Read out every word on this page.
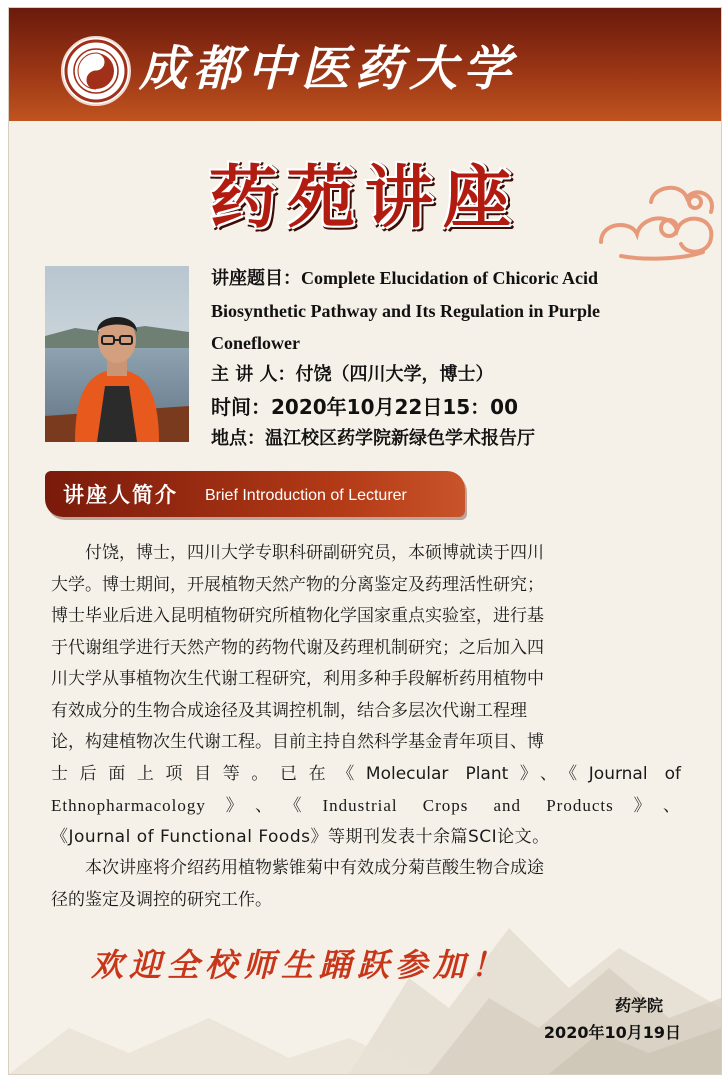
成都中医药大学
药苑讲座
讲座题目：Complete Elucidation of Chicoric Acid
Biosynthetic Pathway and Its Regulation in Purple
Coneflower
主 讲 人：付饶（四川大学，博士）
时间：2020年10月22日15：00
地点：温江校区药学院新绿色学术报告厅
讲座人简介 Brief Introduction of Lecturer
付饶，博士，四川大学专职科研副研究员，本硕博就读于四川
大学。博士期间，开展植物天然产物的分离鉴定及药理活性研究；
博士毕业后进入昆明植物研究所植物化学国家重点实验室，进行基
于代谢组学进行天然产物的药物代谢及药理机制研究；之后加入四
川大学从事植物次生代谢工程研究，利用多种手段解析药用植物中
有效成分的生物合成途径及其调控机制，结合多层次代谢工程理
论，构建植物次生代谢工程。目前主持自然科学基金青年项目、博
士后面上项目等。已在《Molecular Plant》、《Journal of
Ethnopharmacology》、《Industrial Crops and Products》、
《Journal of Functional Foods》等期刊发表十余篇SCI论文。
本次讲座将介绍药用植物紫锥菊中有效成分菊苣酸生物合成途
径的鉴定及调控的研究工作。
欢迎全校师生踊跃参加！
药学院
2020年10月19日
